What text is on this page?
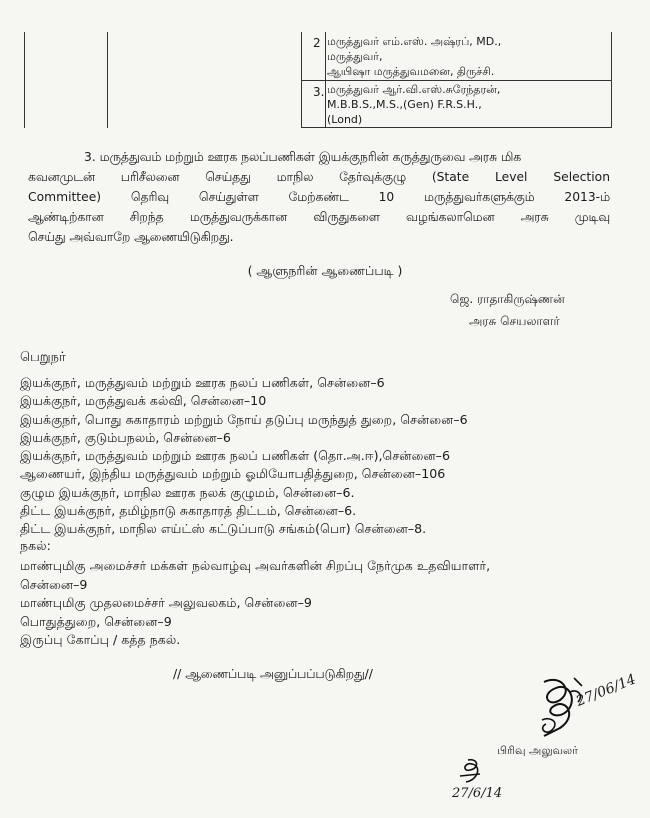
2 மருத்துவர் எம்.எஸ். அஷ்ரப், MD.,
மருத்துவர்,
ஆயிஷா மருத்துவமனை, திருச்சி.
3. மருத்துவர் ஆர்.வி.எஸ்.சுரேந்தரன்,
M.B.B.S.,M.S.,(Gen) F.R.S.H.,
(Lond)
3. மருத்துவம் மற்றும் ஊரக நலப்பணிகள் இயக்குநரின் கருத்துருவை அரசு மிக
கவனமுடன் பரிசீலனை செய்தது மாநில தேர்வுக்குழு (State Level Selection
Committee) தெரிவு செய்துள்ள மேற்கண்ட 10 மருத்துவர்களுக்கும் 2013-ம்
ஆண்டிற்கான சிறந்த மருத்துவருக்கான விருதுகளை வழங்கலாமென அரசு முடிவு
செய்து அவ்வாறே ஆணையிடுகிறது.
( ஆளுநரின் ஆணைப்படி )
ஜெ. ராதாகிருஷ்ணன்
அரசு செயலாளர்
பெறுநர்
இயக்குநர், மருத்துவம் மற்றும் ஊரக நலப் பணிகள், சென்னை–6
இயக்குநர், மருத்துவக் கல்வி, சென்னை–10
இயக்குநர், பொது சுகாதாரம் மற்றும் நோய் தடுப்பு மருந்துத் துறை, சென்னை–6
இயக்குநர், குடும்பநலம், சென்னை–6
இயக்குநர், மருத்துவம் மற்றும் ஊரக நலப் பணிகள் (தொ.அ.ஈ),சென்னை–6
ஆணையர், இந்திய மருத்துவம் மற்றும் ஓமியோபதித்துறை, சென்னை–106
குழும இயக்குநர், மாநில ஊரக நலக் குழுமம், சென்னை–6.
திட்ட இயக்குநர், தமிழ்நாடு சுகாதாரத் திட்டம், சென்னை–6.
திட்ட இயக்குநர், மாநில எய்ட்ஸ் கட்டுப்பாடு சங்கம்(பொ) சென்னை–8.
நகல்:
மாண்புமிகு அமைச்சர் மக்கள் நல்வாழ்வு அவர்களின் சிறப்பு நேர்முக உதவியாளர்,
சென்னை–9
மாண்புமிகு முதலமைச்சர் அலுவலகம், சென்னை–9
பொதுத்துறை, சென்னை–9
இருப்பு கோப்பு / கத்த நகல்.
// ஆணைப்படி அனுப்பப்படுகிறது//	27/06/14
பிரிவு அலுவலர்
27/6/14
